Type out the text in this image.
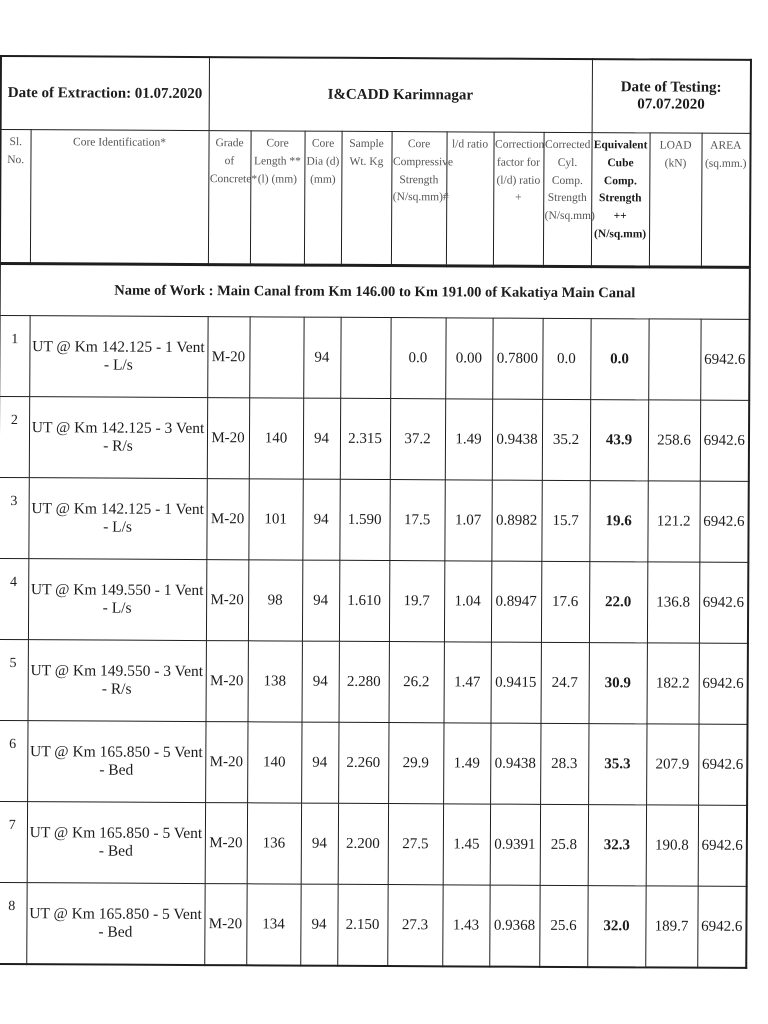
Date of Extraction: 01.07.2020		I&CADD Karimnagar								Date of Testing: 07.07.2020		
Sl. No.	Core Identification*	Grade of Concrete*	Core Length ** (l) (mm)	Core Dia (d) (mm)	Sample Wt. Kg	Core Compressive Strength (N/sq.mm)#	l/d ratio	Correction factor for (l/d) ratio +	Corrected Cyl. Comp. Strength (N/sq.mm)	Equivalent Cube Comp. Strength ++ (N/sq.mm)	LOAD (kN)	AREA (sq.mm.)
Name of Work : Main Canal from Km 146.00 to Km 191.00 of Kakatiya Main Canal												
1	UT @ Km 142.125 - 1 Vent - L/s	M-20		94		0.0	0.00	0.7800	0.0	0.0		6942.6
2	UT @ Km 142.125 - 3 Vent - R/s	M-20	140	94	2.315	37.2	1.49	0.9438	35.2	43.9	258.6	6942.6
3	UT @ Km 142.125 - 1 Vent - L/s	M-20	101	94	1.590	17.5	1.07	0.8982	15.7	19.6	121.2	6942.6
4	UT @ Km 149.550 - 1 Vent - L/s	M-20	98	94	1.610	19.7	1.04	0.8947	17.6	22.0	136.8	6942.6
5	UT @ Km 149.550 - 3 Vent - R/s	M-20	138	94	2.280	26.2	1.47	0.9415	24.7	30.9	182.2	6942.6
6	UT @ Km 165.850 - 5 Vent - Bed	M-20	140	94	2.260	29.9	1.49	0.9438	28.3	35.3	207.9	6942.6
7	UT @ Km 165.850 - 5 Vent - Bed	M-20	136	94	2.200	27.5	1.45	0.9391	25.8	32.3	190.8	6942.6
8	UT @ Km 165.850 - 5 Vent - Bed	M-20	134	94	2.150	27.3	1.43	0.9368	25.6	32.0	189.7	6942.6
